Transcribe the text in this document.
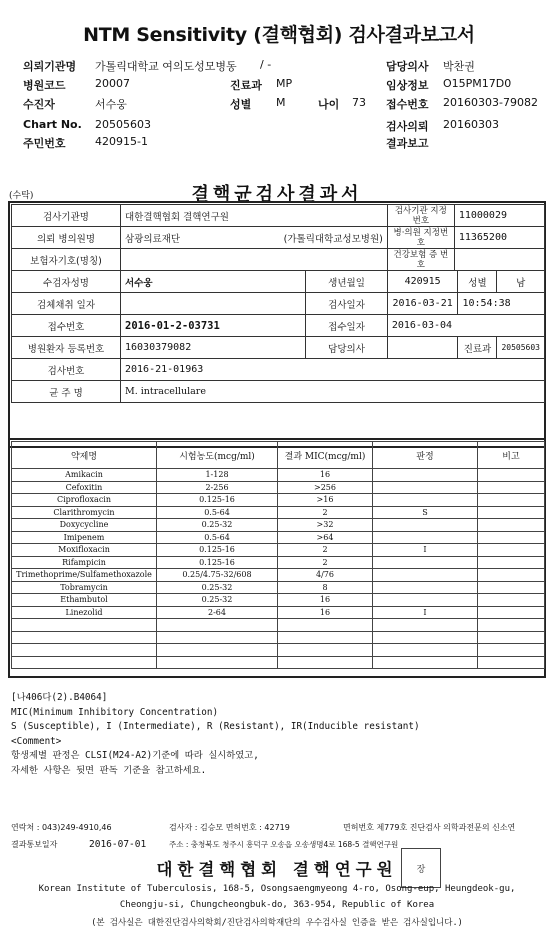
NTM Sensitivity (결핵협회) 검사결과보고서
의뢰기관명 가톨릭대학교 여의도성모병동 / -	담당의사 박찬권
병원코드	20007	진료과 MP	임상정보 O15PM17D0
수진자	서수웅	성별 M	나이 73 접수번호 20160303-79082
Chart No. 20505603	검사의뢰 20160303
주민번호	420915-1	결과보고
(수탁)	결핵균검사결과서
검사기관명	대한결핵협회 결핵연구원		검사기관 지정번호	11000029		
의뢰 병의원명	삼광의료재단 (가톨릭대학교성모병원)		병·의원 지정번호	11365200		
보험자기호(명칭)			건강보험 증 번호			
수검자성명	서수웅	생년월일	420915		성별	남
검체채취 일자		검사일자	2016-03-21		10:54:38	
접수번호	2016-01-2-03731	접수일자	2016-03-04			
병원환자 등록번호	16030379082	담당의사			진료과	20505603
검사번호	2016-21-01963					
균 주 명	M. intracellulare					
약제명	시험농도(mcg/ml)	결과 MIC(mcg/ml)	판정	비고
Amikacin	1-128	16		
Cefoxitin	2-256	>256		
Ciprofloxacin	0.125-16	>16		
Clarithromycin	0.5-64	2	S	
Doxycycline	0.25-32	>32		
Imipenem	0.5-64	>64		
Moxifloxacin	0.125-16	2	I	
Rifampicin	0.125-16	2		
Trimethoprime/Sulfamethoxazole	0.25/4.75-32/608	4/76		
Tobramycin	0.25-32	8		
Ethambutol	0.25-32	16		
Linezolid	2-64	16	I	

[나406다(2).B4064]
MIC(Minimum Inhibitory Concentration)
S (Susceptible), I (Intermediate), R (Resistant), IR(Inducible resistant)
<Comment>
항생제별 판정은 CLSI(M24-A2)기준에 따라 실시하였고,
자세한 사항은 뒷면 판독 기준을 참고하세요.
연락처 : 043)249-4910,46	검사자 : 김승모 면허번호 : 42719	면허번호 제779호 진단검사 의학과전문의 신소연
결과통보일자	2016-07-01	주소 : 충청북도 청주시 흥덕구 오송읍 오송생명4로 168-5 결핵연구원
대한결핵협회 결핵연구원	장
Korean Institute of Tuberculosis, 168-5, Osongsaengmyeong 4-ro, Osong-eup, Heungdeok-gu,
Cheongju-si, Chungcheongbuk-do, 363-954, Republic of Korea
(본 검사실은 대한진단검사의학회/진단검사의학재단의 우수검사실 인증을 받은 검사실입니다.)
